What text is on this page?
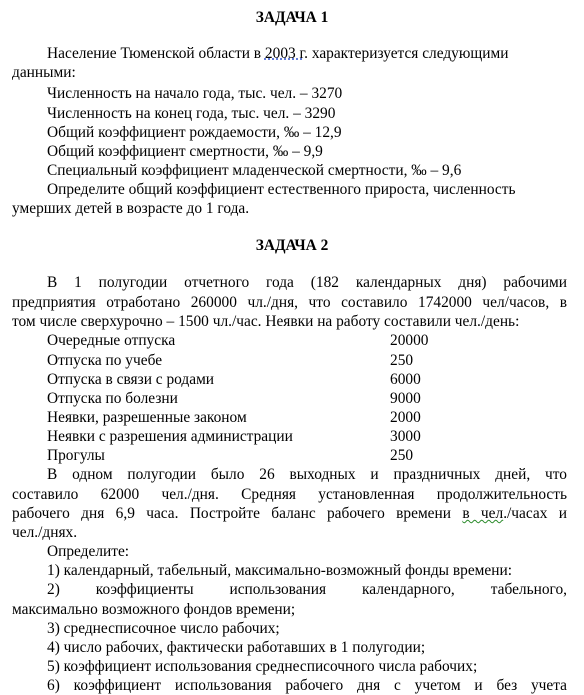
ЗАДАЧА 1
Население Тюменской области в 2003 г. характеризуется следующими
данными:
Численность на начало года, тыс. чел. – 3270
Численность на конец года, тыс. чел. – 3290
Общий коэффициент рождаемости, ‰ – 12,9
Общий коэффициент смертности, ‰ – 9,9
Специальный коэффициент младенческой смертности, ‰ – 9,6
Определите общий коэффициент естественного прироста, численность
умерших детей в возрасте до 1 года.
ЗАДАЧА 2
В 1 полугодии отчетного года (182 календарных дня) рабочими
предприятия отработано 260000 чл./дня, что составило 1742000 чел/часов, в
том числе сверхурочно – 1500 чл./час. Неявки на работу составили чел./день:
Очередные отпуска	20000
Отпуска по учебе	250
Отпуска в связи с родами	6000
Отпуска по болезни	9000
Неявки, разрешенные законом	2000
Неявки с разрешения администрации	3000
Прогулы	250
В одном полугодии было 26 выходных и праздничных дней, что
составило 62000 чел./дня. Средняя установленная продолжительность
рабочего дня 6,9 часа. Постройте баланс рабочего времени в чел./часах и
чел./днях.
Определите:
1) календарный, табельный, максимально-возможный фонды времени:
2) коэффициенты использования календарного, табельного,
максимально возможного фондов времени;
3) среднесписочное число рабочих;
4) число рабочих, фактически работавших в 1 полугодии;
5) коэффициент использования среднесписочного числа рабочих;
6) коэффициент использования рабочего дня с учетом и без учета
